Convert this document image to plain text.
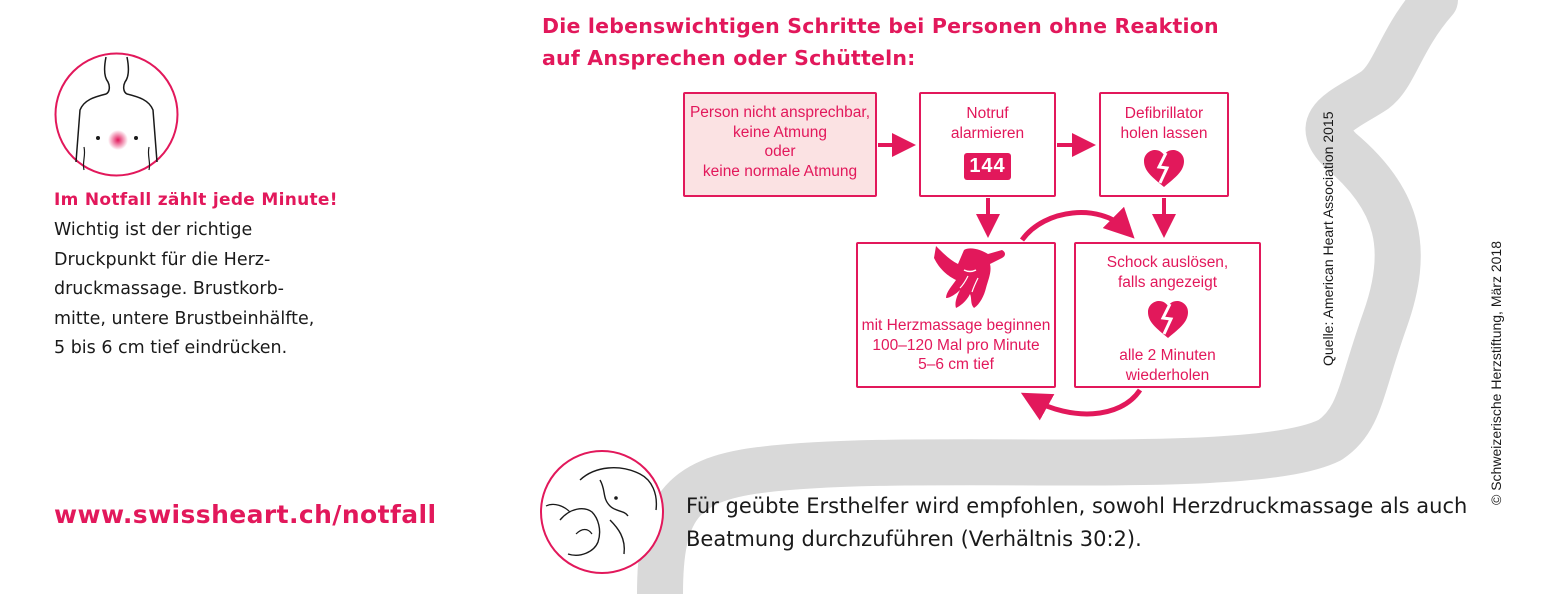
Im Notfall zählt jede Minute!
Wichtig ist der richtige
Druckpunkt für die Herz-
druckmassage. Brustkorb-
mitte, untere Brustbeinhälfte,
5 bis 6 cm tief eindrücken.
www.swissheart.ch/notfall
Die lebenswichtigen Schritte bei Personen ohne Reaktion
auf Ansprechen oder Schütteln:
Person nicht ansprechbar,
keine Atmung
oder
keine normale Atmung
Notruf
alarmieren
144
Defibrillator
holen lassen
mit Herzmassage beginnen
100–120 Mal pro Minute
5–6 cm tief
Schock auslösen,
falls angezeigt
alle 2 Minuten
wiederholen
Quelle: American Heart Association 2015
© Schweizerische Herzstiftung, März 2018
Für geübte Ersthelfer wird empfohlen, sowohl Herzdruckmassage als auch
Beatmung durchzuführen (Verhältnis 30:2).
